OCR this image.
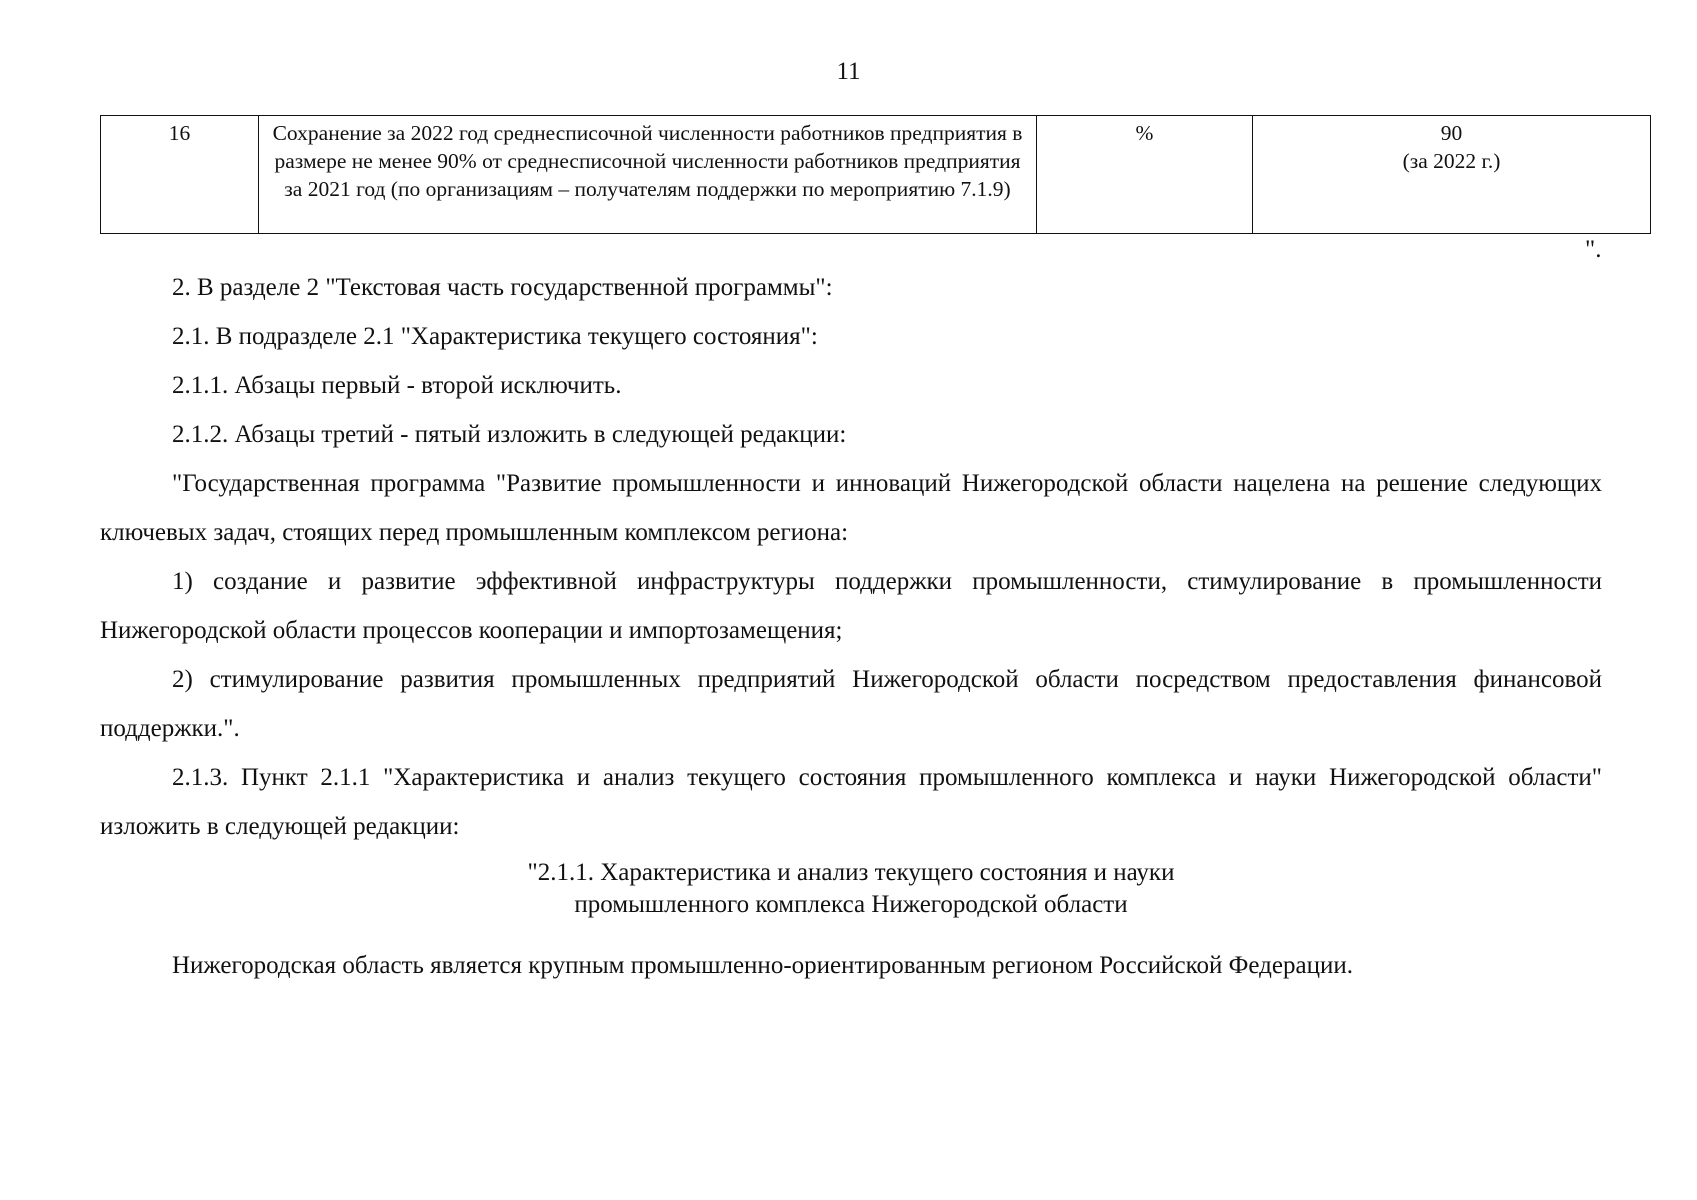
11
16	Сохранение за 2022 год среднесписочной численности работников предприятия в размере не менее 90% от среднесписочной численности работников предприятия за 2021 год (по организациям – получателям поддержки по мероприятию 7.1.9)	%	90
(за 2022 г.)
".

2. В разделе 2 "Текстовая часть государственной программы":

2.1. В подразделе 2.1 "Характеристика текущего состояния":

2.1.1. Абзацы первый - второй исключить.

2.1.2. Абзацы третий - пятый изложить в следующей редакции:

"Государственная программа "Развитие промышленности и инноваций Нижегородской области нацелена на решение следующих ключевых задач, стоящих перед промышленным комплексом региона:

1) создание и развитие эффективной инфраструктуры поддержки промышленности, стимулирование в промышленности Нижегородской области процессов кооперации и импортозамещения;

2) стимулирование развития промышленных предприятий Нижегородской области посредством предоставления финансовой поддержки.".

2.1.3. Пункт 2.1.1 "Характеристика и анализ текущего состояния промышленного комплекса и науки Нижегородской области" изложить в следующей редакции:

"2.1.1. Характеристика и анализ текущего состояния и науки
промышленного комплекса Нижегородской области
Нижегородская область является крупным промышленно-ориентированным регионом Российской Федерации.
